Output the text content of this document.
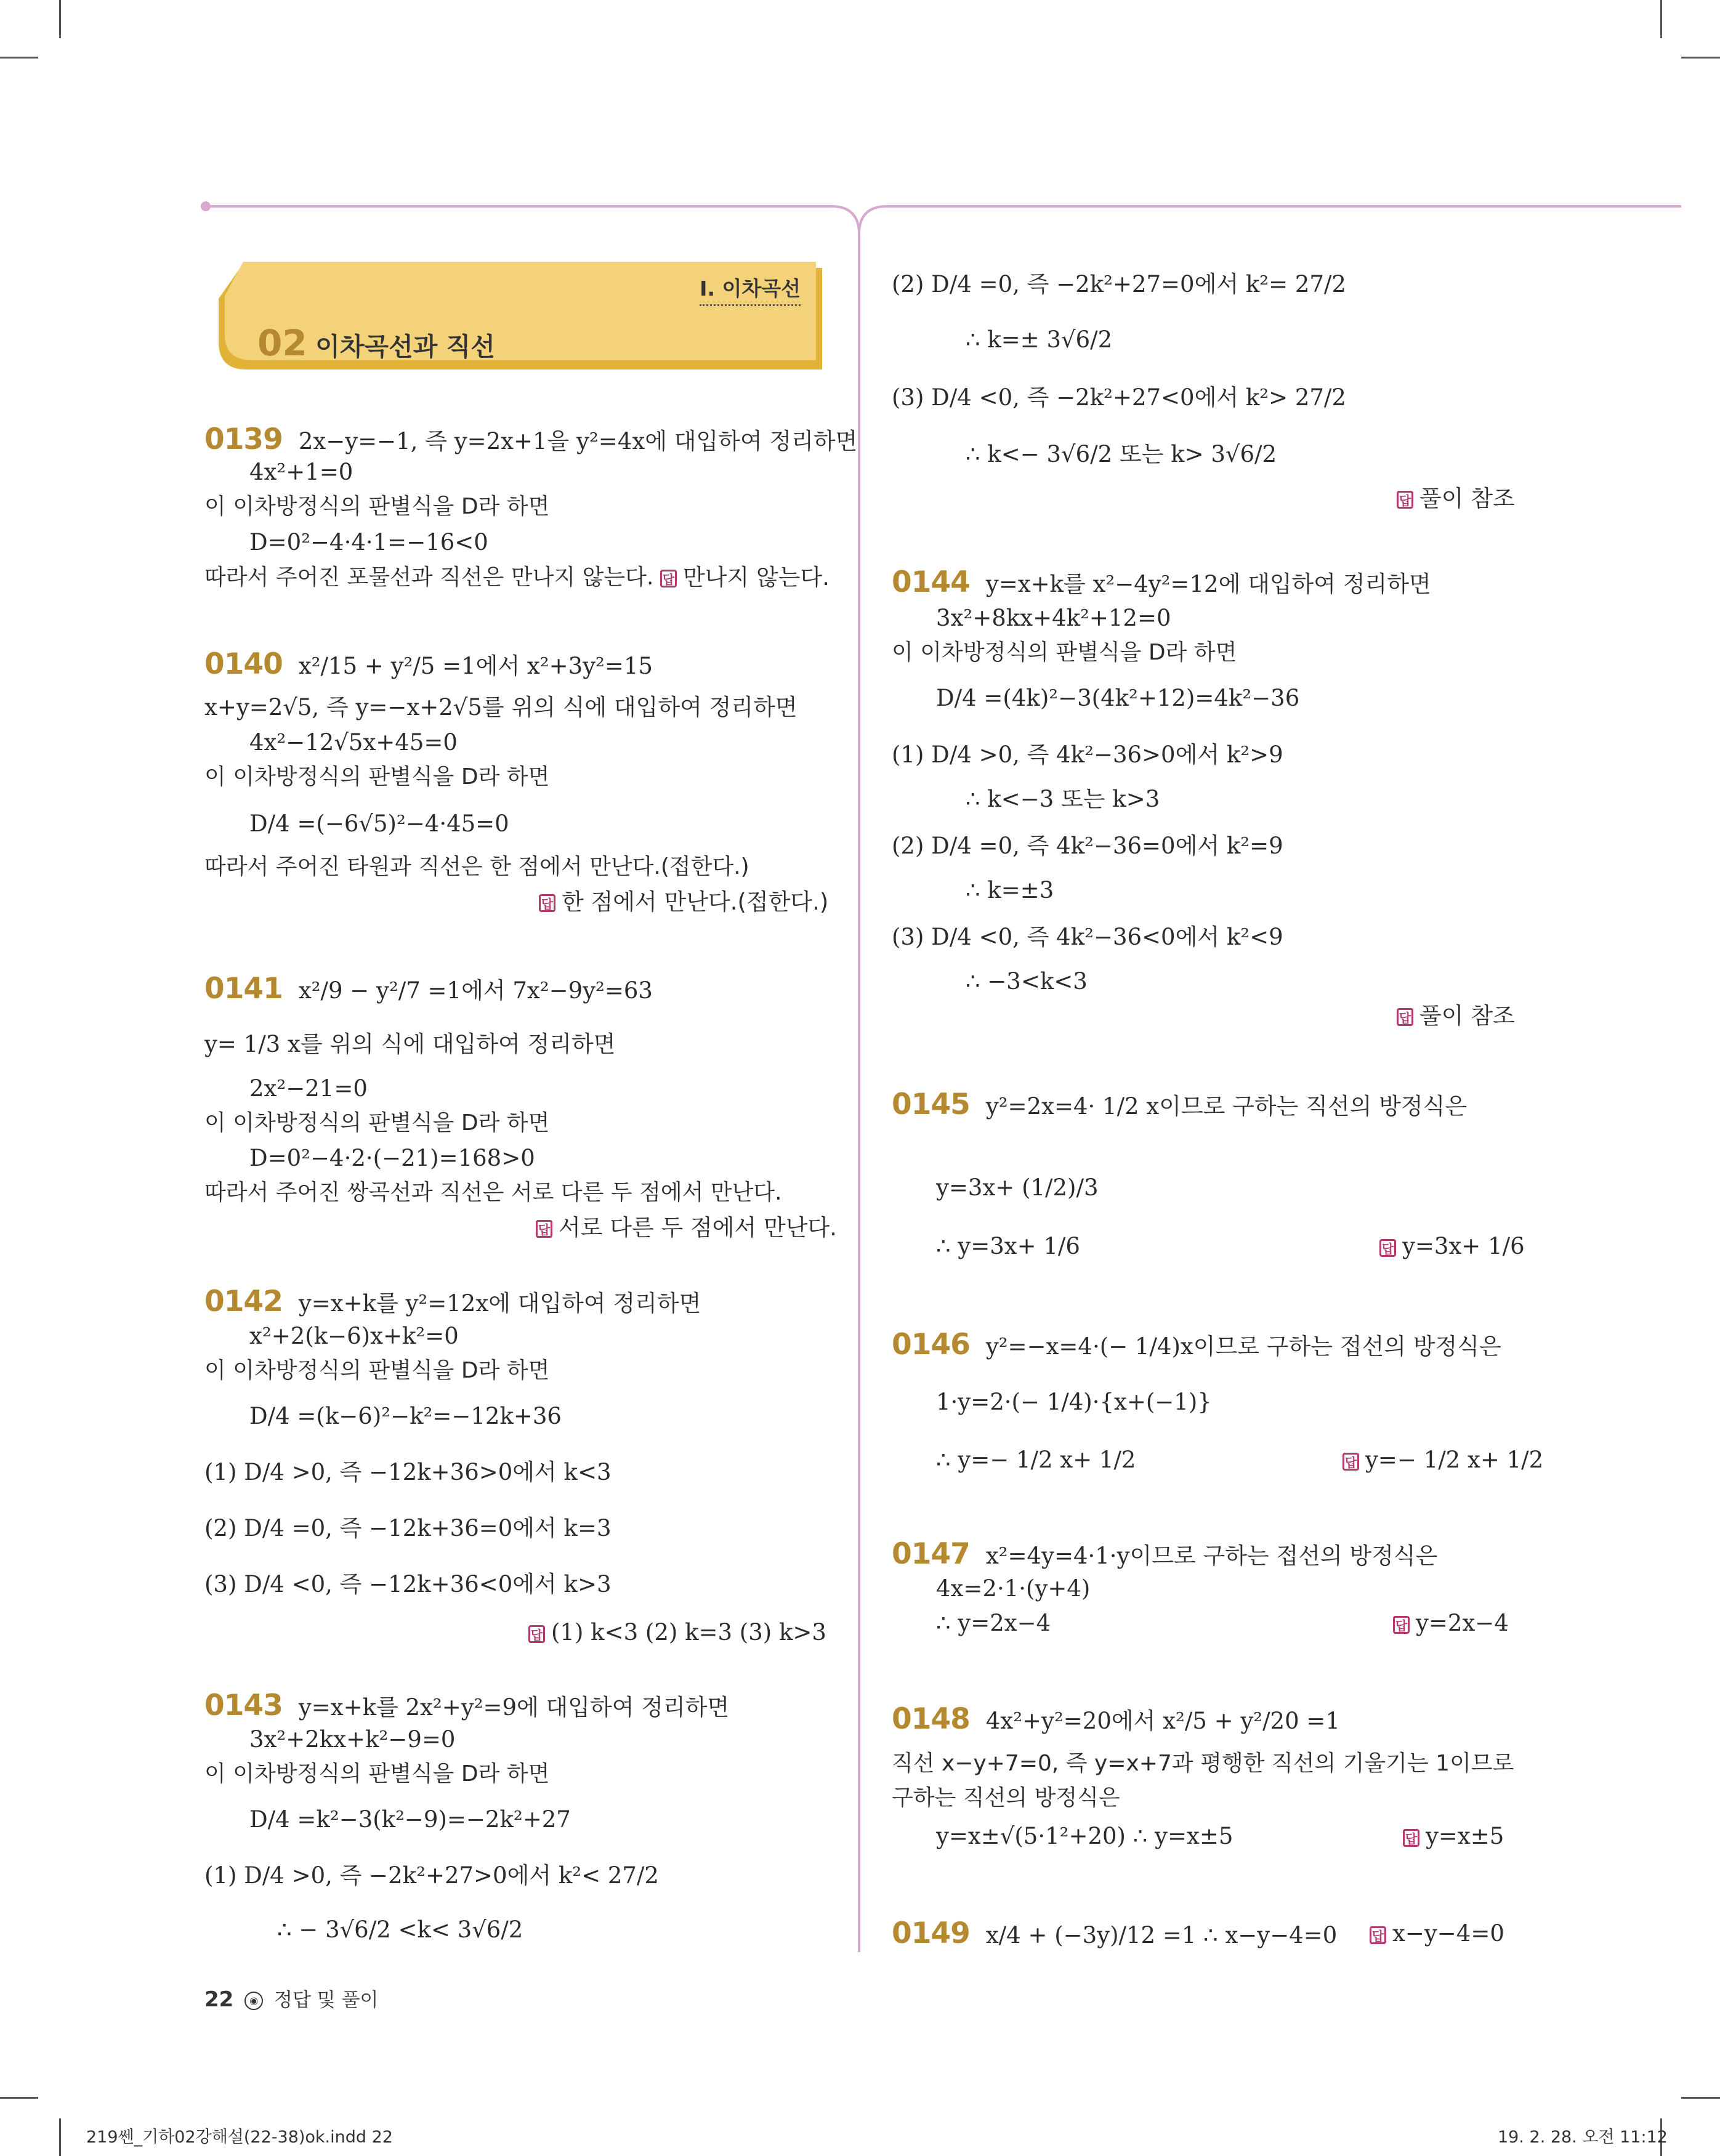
Ⅰ. 이차곡선
02 이차곡선과 직선
0139 2x−y=−1, 즉 y=2x+1을 y²=4x에 대입하여 정리하면
4x²+1=0
이 이차방정식의 판별식을 D라 하면
D=0²−4·4·1=−16<0
따라서 주어진 포물선과 직선은 만나지 않는다. 답 만나지 않는다.
0140 x²/15 + y²/5 =1에서 x²+3y²=15
x+y=2√5, 즉 y=−x+2√5를 위의 식에 대입하여 정리하면
4x²−12√5x+45=0
이 이차방정식의 판별식을 D라 하면
D/4 =(−6√5)²−4·45=0
따라서 주어진 타원과 직선은 한 점에서 만난다.(접한다.)
답 한 점에서 만난다.(접한다.)
0141 x²/9 − y²/7 =1에서 7x²−9y²=63
y= 1/3 x를 위의 식에 대입하여 정리하면
2x²−21=0
이 이차방정식의 판별식을 D라 하면
D=0²−4·2·(−21)=168>0
따라서 주어진 쌍곡선과 직선은 서로 다른 두 점에서 만난다.
답 서로 다른 두 점에서 만난다.
0142 y=x+k를 y²=12x에 대입하여 정리하면
x²+2(k−6)x+k²=0
이 이차방정식의 판별식을 D라 하면
D/4 =(k−6)²−k²=−12k+36
(1) D/4 >0, 즉 −12k+36>0에서 k<3
(2) D/4 =0, 즉 −12k+36=0에서 k=3
(3) D/4 <0, 즉 −12k+36<0에서 k>3
답 (1) k<3 (2) k=3 (3) k>3
0143 y=x+k를 2x²+y²=9에 대입하여 정리하면
3x²+2kx+k²−9=0
이 이차방정식의 판별식을 D라 하면
D/4 =k²−3(k²−9)=−2k²+27
(1) D/4 >0, 즉 −2k²+27>0에서 k²< 27/2
∴ − 3√6/2 <k< 3√6/2
(2) D/4 =0, 즉 −2k²+27=0에서 k²= 27/2
∴ k=± 3√6/2
(3) D/4 <0, 즉 −2k²+27<0에서 k²> 27/2
∴ k<− 3√6/2 또는 k> 3√6/2
답 풀이 참조
0144 y=x+k를 x²−4y²=12에 대입하여 정리하면
3x²+8kx+4k²+12=0
이 이차방정식의 판별식을 D라 하면
D/4 =(4k)²−3(4k²+12)=4k²−36
(1) D/4 >0, 즉 4k²−36>0에서 k²>9
∴ k<−3 또는 k>3
(2) D/4 =0, 즉 4k²−36=0에서 k²=9
∴ k=±3
(3) D/4 <0, 즉 4k²−36<0에서 k²<9
∴ −3<k<3
답 풀이 참조
0145 y²=2x=4· 1/2 x이므로 구하는 직선의 방정식은
y=3x+ (1/2)/3
∴ y=3x+ 1/6	답 y=3x+ 1/6
0146 y²=−x=4·(− 1/4)x이므로 구하는 접선의 방정식은
1·y=2·(− 1/4)·{x+(−1)}
∴ y=− 1/2 x+ 1/2	답 y=− 1/2 x+ 1/2
0147 x²=4y=4·1·y이므로 구하는 접선의 방정식은
4x=2·1·(y+4)
∴ y=2x−4	답 y=2x−4
0148 4x²+y²=20에서 x²/5 + y²/20 =1
직선 x−y+7=0, 즉 y=x+7과 평행한 직선의 기울기는 1이므로
구하는 직선의 방정식은
y=x±√(5·1²+20) ∴ y=x±5	답 y=x±5
0149 x/4 + (−3y)/12 =1 ∴ x−y−4=0	답 x−y−4=0
22 ◉ 정답 및 풀이
219쎈_기하02강해설(22-38)ok.indd 22	19. 2. 28. 오전 11:12
